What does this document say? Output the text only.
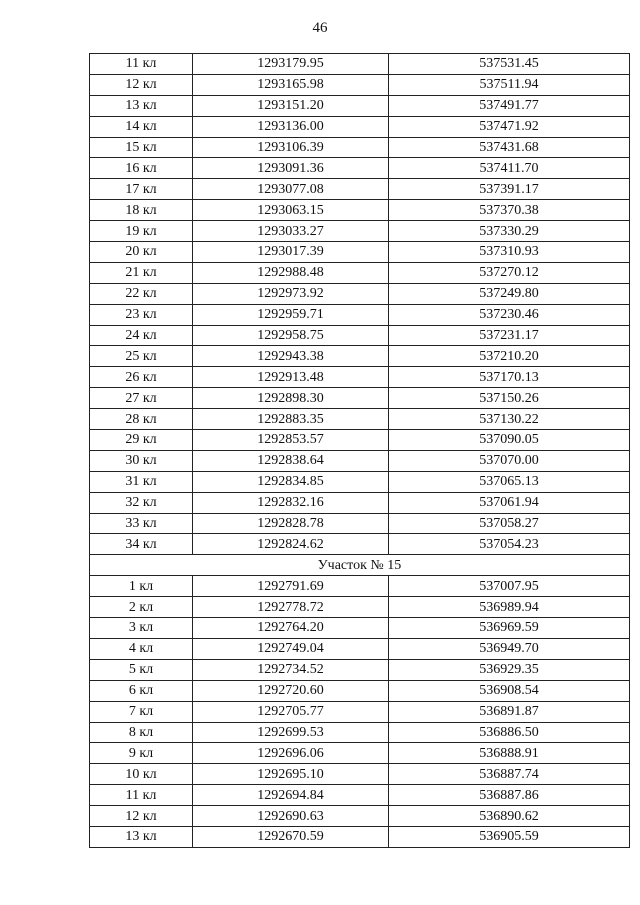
46
11 кл	1293179.95	537531.45
12 кл	1293165.98	537511.94
13 кл	1293151.20	537491.77
14 кл	1293136.00	537471.92
15 кл	1293106.39	537431.68
16 кл	1293091.36	537411.70
17 кл	1293077.08	537391.17
18 кл	1293063.15	537370.38
19 кл	1293033.27	537330.29
20 кл	1293017.39	537310.93
21 кл	1292988.48	537270.12
22 кл	1292973.92	537249.80
23 кл	1292959.71	537230.46
24 кл	1292958.75	537231.17
25 кл	1292943.38	537210.20
26 кл	1292913.48	537170.13
27 кл	1292898.30	537150.26
28 кл	1292883.35	537130.22
29 кл	1292853.57	537090.05
30 кл	1292838.64	537070.00
31 кл	1292834.85	537065.13
32 кл	1292832.16	537061.94
33 кл	1292828.78	537058.27
34 кл	1292824.62	537054.23
Участок № 15		
1 кл	1292791.69	537007.95
2 кл	1292778.72	536989.94
3 кл	1292764.20	536969.59
4 кл	1292749.04	536949.70
5 кл	1292734.52	536929.35
6 кл	1292720.60	536908.54
7 кл	1292705.77	536891.87
8 кл	1292699.53	536886.50
9 кл	1292696.06	536888.91
10 кл	1292695.10	536887.74
11 кл	1292694.84	536887.86
12 кл	1292690.63	536890.62
13 кл	1292670.59	536905.59
